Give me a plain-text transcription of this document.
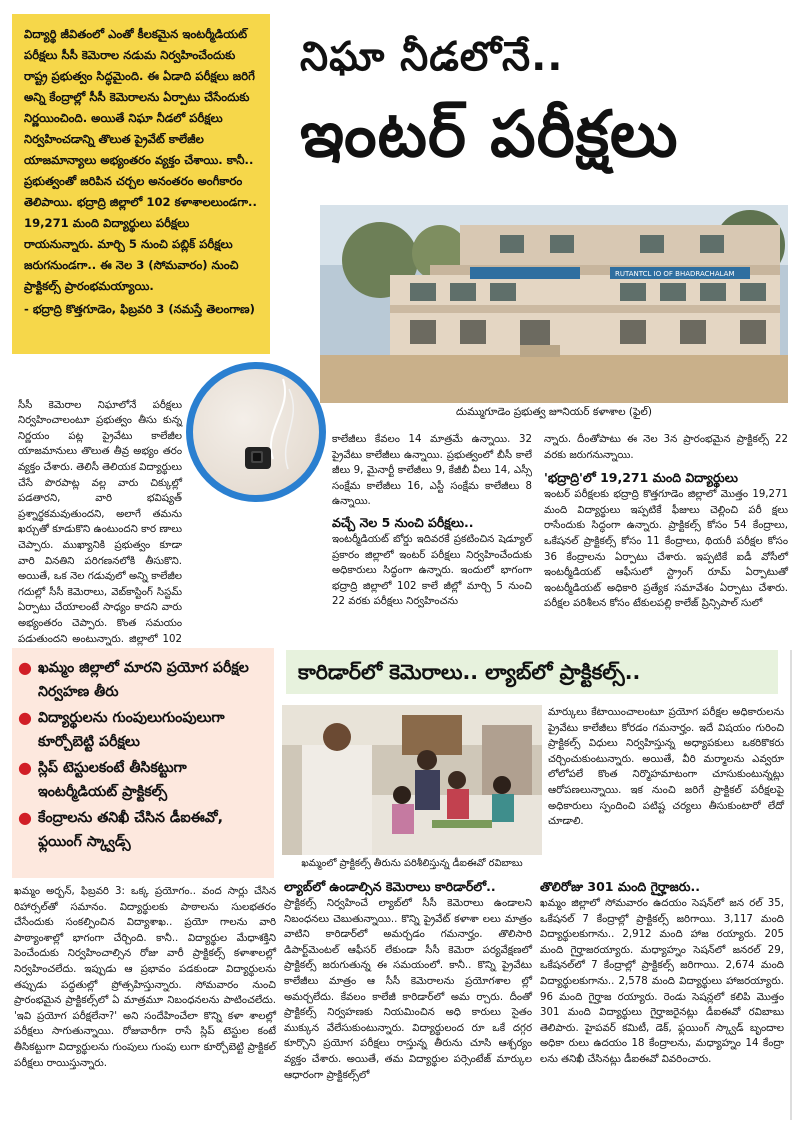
విద్యార్థి జీవితంలో ఎంతో కీలకమైన ఇంటర్మీడియట్ పరీక్షలు సీసీ కెమెరాల నడుమ నిర్వహించేందుకు రాష్ట్ర ప్రభుత్వం సిద్ధమైంది. ఈ ఏడాది పరీక్షలు జరిగే అన్ని కేంద్రాల్లో సీసీ కెమెరాలను ఏర్పాటు చేసేందుకు నిర్ణయించింది. అయితే నిఘా నీడలో పరీక్షలు నిర్వహించడాన్ని తొలుత ప్రైవేట్ కాలేజీల యాజమాన్యాలు అభ్యంతరం వ్యక్తం చేశాయి. కానీ.. ప్రభుత్వంతో జరిపిన చర్చల అనంతరం అంగీకారం తెలిపాయి. భద్రాద్రి జిల్లాలో 102 కళాశాలలుండగా.. 19,271 మంది విద్యార్థులు పరీక్షలు రాయనున్నారు. మార్చి 5 నుంచి పబ్లిక్ పరీక్షలు జరుగనుండగా.. ఈ నెల 3 (సోమవారం) నుంచి ప్రాక్టికల్స్ ప్రారంభమయ్యాయి.
- భద్రాద్రి కొత్తగూడెం, ఫిబ్రవరి 3 (నమస్తే తెలంగాణ)
నిఘా నీడలోనే..
ఇంటర్ పరీక్షలు
RUTANTCL IO OF BHADRACHALAM
దుమ్ముగూడెం ప్రభుత్వ జూనియర్ కళాశాల (ఫైల్)

సీసీ కెమెరాల నిఘాలోనే పరీక్షలు నిర్వహించాలంటూ ప్రభుత్వం తీసు కున్న నిర్ణయం పట్ల ప్రైవేటు కాలేజీల యాజమానులు తొలుత తీవ్ర అభ్యం తరం వ్యక్తం చేశారు. తెలిసీ తెలియక విద్యార్థులు చేసే పొరపాట్ల వల్ల వారు చిక్కుల్లో పడతారని, వారి భవిష్యత్ ప్రశ్నార్థకమవుతుందని, అలాగే తమను ఖర్చుతో కూడుకొని ఉంటుందని కార ణాలు చెప్పారు. ముఖ్యానికి ప్రభుత్వం కూడా వారి వినతిని పరిగణనలోకి తీసుకొని. అయితే, ఒక నెల గడువులో అన్ని కాలేజీల గదుల్లో సీసీ కెమెరాలు, వెబ్‌కాస్టింగ్ సిస్టమ్ ఏర్పాటు చేయాలంటే సాధ్యం కాదని వారు అభ్యంతరం చెప్పారు. కొంత సమయం పడుతుందని అంటున్నారు. జిల్లాలో 102

కాలేజీలు కేవలం 14 మాత్రమే ఉన్నాయి. 32 ప్రైవేటు కాలేజీలు ఉన్నాయి. ప్రభుత్వంలో బీసీ కాలే జీలు 9, మైనార్టీ కాలేజీలు 9, కేజీబీ వీలు 14, ఎస్సీ సంక్షేమ కాలేజీలు 16, ఎస్టీ సంక్షేమ కాలేజీలు 8 ఉన్నాయి.
వచ్చే నెల 5 నుంచి పరీక్షలు..
ఇంటర్మీడియట్ బోర్డు ఇదివరకే ప్రకటించిన షెడ్యూల్ ప్రకారం జిల్లాలో ఇంటర్ పరీక్షలు నిర్వహించేందుకు అధికారులు సిద్ధంగా ఉన్నారు. ఇందులో భాగంగా భద్రాద్రి జిల్లాలో 102 కాలే జీల్లో మార్చి 5 నుంచి 22 వరకు పరీక్షలు నిర్వహించను
న్నారు. దీంతోపాటు ఈ నెల 3న ప్రారంభమైన ప్రాక్టికల్స్ 22 వరకు జరుగనున్నాయి.
'భద్రాద్రి'లో 19,271 మంది విద్యార్థులు
ఇంటర్ పరీక్షలకు భద్రాద్రి కొత్తగూడెం జిల్లాలో మొత్తం 19,271 మంది విద్యార్థులు ఇప్పటికే ఫీజులు చెల్లించి పరీ క్షలు రాసేందుకు సిద్ధంగా ఉన్నారు. ప్రాక్టికల్స్ కోసం 54 కేంద్రాలు, ఒకేషనల్ ప్రాక్టికల్స్ కోసం 11 కేంద్రాలు, థియరీ పరీక్షల కోసం 36 కేంద్రాలను ఏర్పాటు చేశారు. ఇప్పటికే ఐడీ వోసీలో ఇంటర్మీడియట్ ఆఫీసులో స్ట్రాంగ్ రూమ్ ఏర్పాటుతో ఇంటర్మీడియట్ అధికారి ప్రత్యేక సమావేశం ఏర్పాటు చేశారు. పరీక్షల పరిశీలన కోసం టేకులపల్లి కాలేజ్ ప్రిన్సిపాల్ సులో
● ఖమ్మం జిల్లాలో మారని ప్రయోగ పరీక్షల నిర్వహణ తీరు
● విద్యార్థులను గుంపులుగుంపులుగా కూర్చోబెట్టి పరీక్షలు
● స్లిప్ టెస్టులకంటే తీసికట్టుగా ఇంటర్మీడియట్ ప్రాక్టికల్స్
● కేంద్రాలను తనిఖీ చేసిన డీఐఈవో, ఫ్లయింగ్ స్క్వాడ్స్
కారిడార్‌లో కెమెరాలు.. ల్యాబ్‌లో ప్రాక్టికల్స్..
ఖమ్మంలో ప్రాక్టికల్స్ తీరును పరిశీలిస్తున్న డీఐఈవో రవిబాబు
మార్కులు కేటాయించాలంటూ ప్రయోగ పరీక్షల అధికారులను ప్రైవేటు కాలేజీలు కోరడం గమనార్హం. ఇదే విషయం గురించి ప్రాక్టికల్స్ విధులు నిర్వహిస్తున్న అధ్యాపకులు ఒకరికొకరు చర్చించుకుంటున్నారు. అయితే, వీరి మర్మాలను ఎవ్వరూ లోలోపలే కొంత నిర్మొహమాటంగా చూసుకుంటున్నట్లు ఆరోపణలున్నాయి. ఇక నుంచి జరిగే ప్రాక్టికల్ పరీక్షలపై అధికారులు స్పందించి పటిష్ట చర్యలు తీసుకుంటారో లేదో చూడాలి.
ఖమ్మం అర్బన్, ఫిబ్రవరి 3: ఒక్క ప్రయోగం.. వంద సార్లు చేసిన రిహార్సల్‌తో సమానం. విద్యార్థులకు పాఠాలను సులభతరం చేసేందుకు సంకల్పించిన విద్యాశాఖ.. ప్రయో గాలను వారి పాఠ్యాంశాల్లో భాగంగా చేర్చింది. కానీ.. విద్యార్థుల మేధాశక్తిని పెంచేందుకు నిర్వహించాల్సిన రోజు వారీ ప్రాక్టికల్స్ కళాశాలల్లో నిర్వహించలేదు. ఇప్పుడు ఆ ప్రభావం పడకుండా విద్యార్థులను తప్పుడు పద్ధతుల్లో ప్రోత్సహిస్తున్నారు. సోమవారం నుంచి ప్రారంభమైన ప్రాక్టికల్స్‌లో ఏ మాత్రమూ నిబంధనలను పాటించలేదు. 'ఇవి ప్రయోగ పరీక్షలేనా?' అని సందేహించేలా కొన్ని కళా శాలల్లో పరీక్షలు సాగుతున్నాయి. రోజువారీగా రాసే స్లిప్ టెస్టుల కంటే తీసికట్టుగా విద్యార్థులను గుంపులు గుంపు లుగా కూర్చోబెట్టి ప్రాక్టికల్ పరీక్షలు రాయిస్తున్నారు.
ల్యాబ్‌లో ఉండాల్సిన కెమెరాలు కారిడార్‌లో..
ప్రాక్టికల్స్ నిర్వహించే ల్యాబ్‌లో సీసీ కెమెరాలు ఉండాలని నిబంధనలు చెబుతున్నాయి.. కొన్ని ప్రైవేట్ కళాశా లలు మాత్రం వాటిని కారిడార్‌లో అమర్చడం గమనార్హం. తొలిసారి డిపార్ట్‌మెంటల్ ఆఫీసర్ లేకుండా సీసీ కెమెరా పర్యవేక్షణలో ప్రాక్టికల్స్ జరుగుతున్న ఈ సమయంలో. కానీ.. కొన్ని ప్రైవేటు కాలేజీలు మాత్రం ఆ సీసీ కెమెరాలను ప్రయోగశాల ల్లో అమర్చలేదు. కేవలం కాలేజీ కారిడార్‌లో అమ ర్చారు. దీంతో ప్రాక్టికల్స్ నిర్వహణకు నియమించిన అధి కారులు సైతం ముక్కున వేలేసుకుంటున్నారు. విద్యార్థులంద రూ ఒకే దగ్గర కూర్చొని ప్రయోగ పరీక్షలు రాస్తున్న తీరును చూసి ఆశ్చర్యం వ్యక్తం చేశారు. అయితే, తమ విద్యార్థుల పర్సెంటేజ్ మార్కుల ఆధారంగా ప్రాక్టికల్స్‌లో
తొలిరోజు 301 మంది గైర్హాజరు..
ఖమ్మం జిల్లాలో సోమవారం ఉదయం సెషన్‌లో జన రల్ 35, ఒకేషనల్ 7 కేంద్రాల్లో ప్రాక్టికల్స్ జరిగాయి. 3,117 మంది విద్యార్థులకుగాను.. 2,912 మంది హాజ రయ్యారు. 205 మంది గైర్హాజరయ్యారు. మధ్యాహ్నం సెషన్‌లో జనరల్ 29, ఒకేషనల్‌లో 7 కేంద్రాల్లో ప్రాక్టికల్స్ జరిగాయి. 2,674 మంది విద్యార్థులకుగాను.. 2,578 మంది విద్యార్థులు హాజరయ్యారు. 96 మంది గైర్హాజ రయ్యారు. రెండు సెషన్లలో కలిపి మొత్తం 301 మంది విద్యార్థులు గైర్హాజరైనట్లు డీఐఈవో రవిబాబు తెలిపారు. హైపవర్ కమిటీ, డెక్, ఫ్లయింగ్ స్క్వాడ్ బృందాల అధికా రులు ఉదయం 18 కేంద్రాలను, మధ్యాహ్నం 14 కేంద్రా లను తనిఖీ చేసినట్లు డీఐఈవో వివరించారు.
